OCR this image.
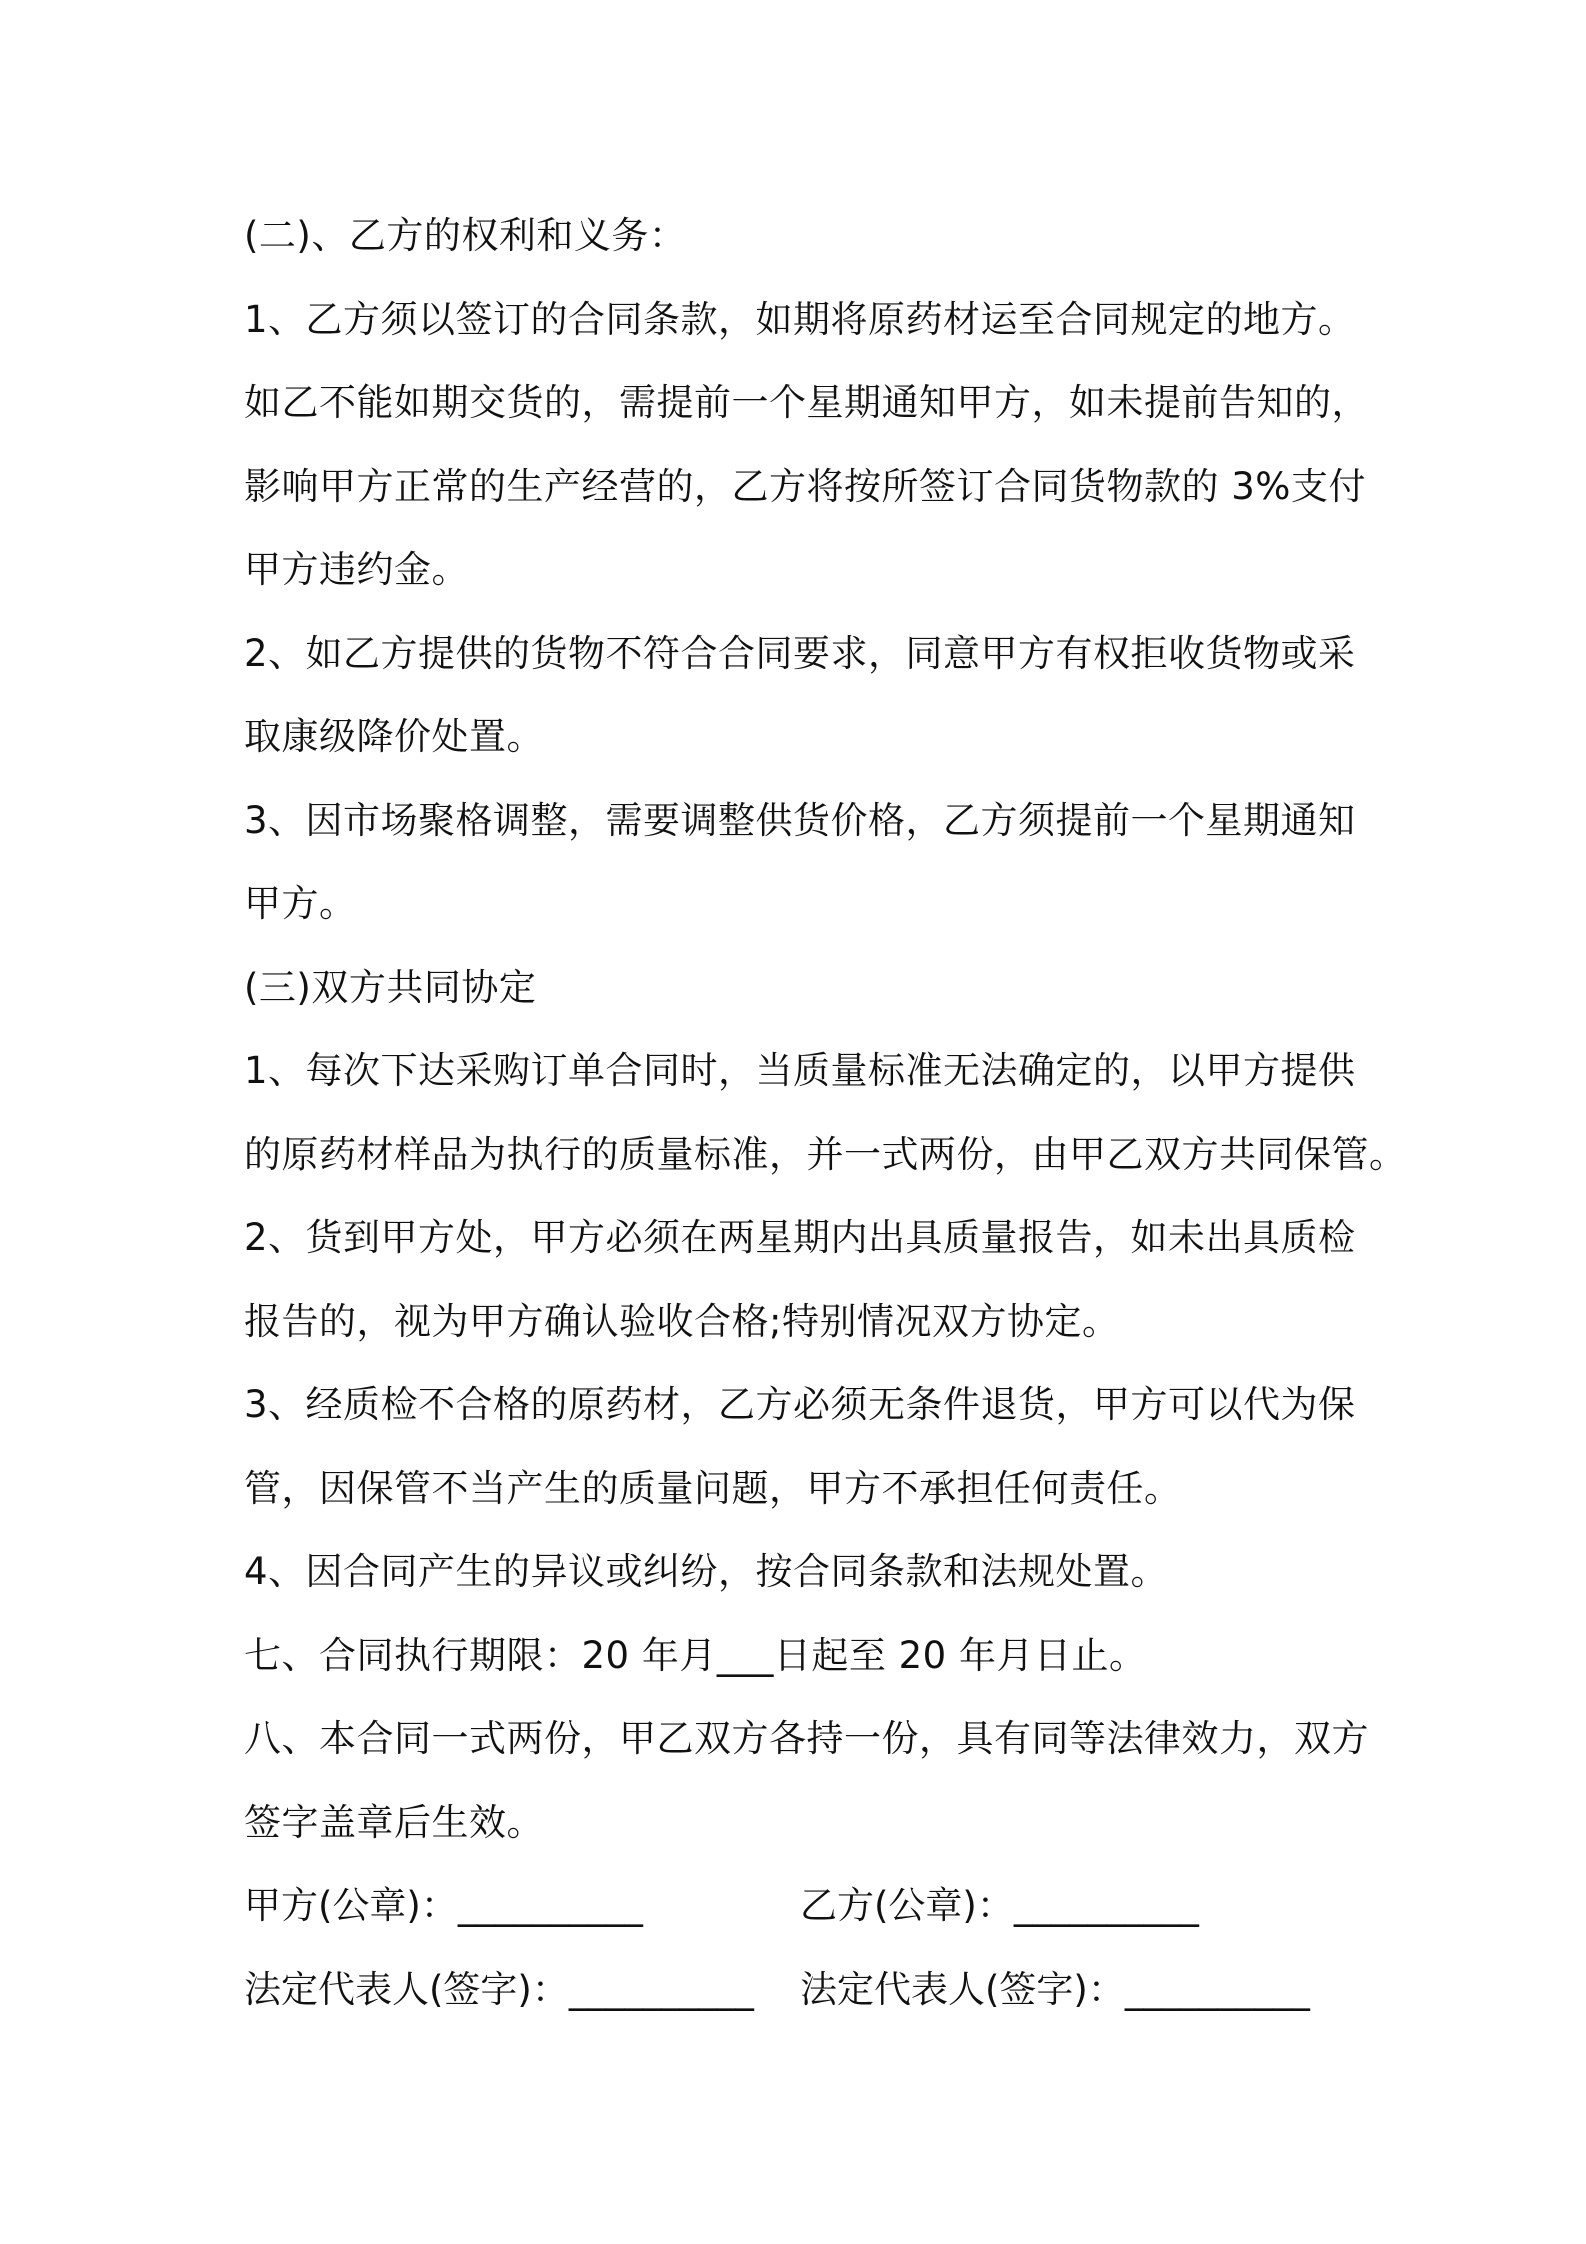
(二)、乙方的权利和义务：
1、乙方须以签订的合同条款，如期将原药材运至合同规定的地方。
如乙不能如期交货的，需提前一个星期通知甲方，如未提前告知的，
影响甲方正常的生产经营的，乙方将按所签订合同货物款的 3%支付
甲方违约金。
2、如乙方提供的货物不符合合同要求，同意甲方有权拒收货物或采
取康级降价处置。
3、因市场聚格调整，需要调整供货价格，乙方须提前一个星期通知
甲方。
(三)双方共同协定
1、每次下达采购订单合同时，当质量标准无法确定的，以甲方提供
的原药材样品为执行的质量标准，并一式两份，由甲乙双方共同保管。
2、货到甲方处，甲方必须在两星期内出具质量报告，如未出具质检
报告的，视为甲方确认验收合格;特别情况双方协定。
3、经质检不合格的原药材，乙方必须无条件退货，甲方可以代为保
管，因保管不当产生的质量问题，甲方不承担任何责任。
4、因合同产生的异议或纠纷，按合同条款和法规处置。
七、合同执行期限：20 年月___日起至 20 年月日止。
八、本合同一式两份，甲乙双方各持一份，具有同等法律效力，双方
签字盖章后生效。
甲方(公章)：__________	乙方(公章)：__________
法定代表人(签字)：__________ 法定代表人(签字)：__________
